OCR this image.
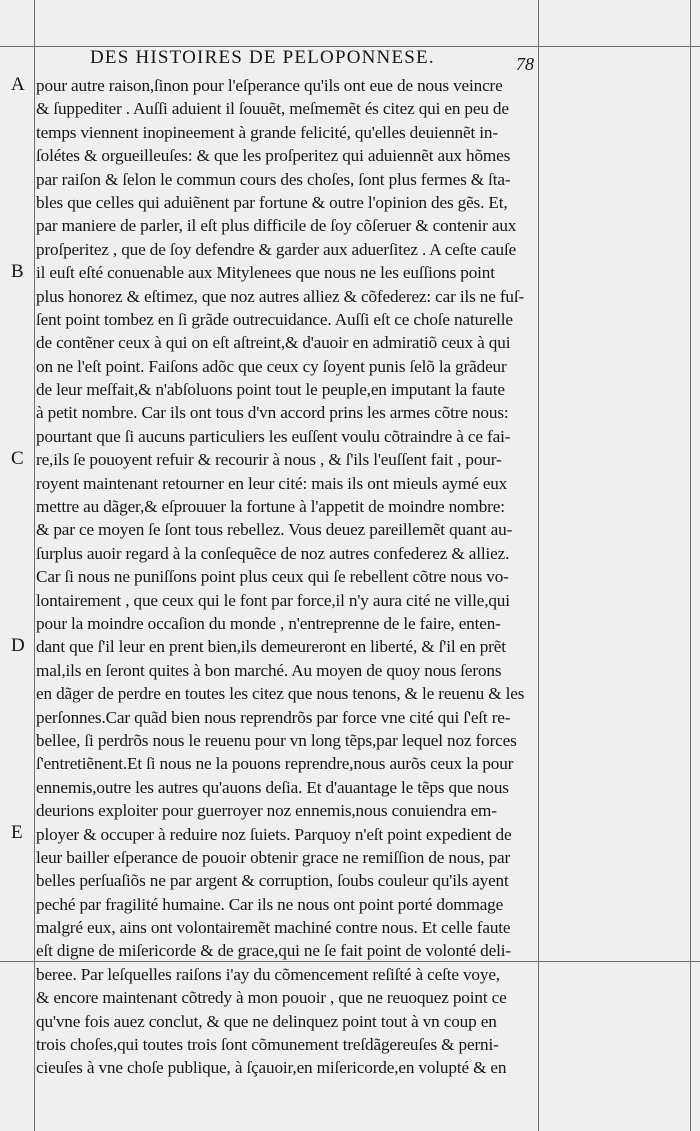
DES HISTOIRES DE PELOPONNESE.	78
A
B
C
D
E
pour autre raison,ſinon pour l'eſperance qu'ils ont eue de nous veincre
& ſuppediter . Auſſi aduient il ſouuẽt, meſmemẽt és citez qui en peu de
temps viennent inopineement à grande felicité, qu'elles deuiennẽt in-
ſolétes & orgueilleuſes: & que les proſperitez qui aduiennẽt aux hõmes
par raiſon & ſelon le commun cours des choſes, ſont plus fermes & ſta-
bles que celles qui aduiẽnent par fortune & outre l'opinion des gẽs. Et,
par maniere de parler, il eſt plus difficile de ſoy cõſeruer & contenir aux
proſperitez , que de ſoy defendre & garder aux aduerſitez . A ceſte cauſe
il euſt eſté conuenable aux Mitylenees que nous ne les euſſions point
plus honorez & eſtimez, que noz autres alliez & cõfederez: car ils ne fuſ-
ſent point tombez en ſi grãde outrecuidance. Auſſi eſt ce choſe naturelle
de contẽner ceux à qui on eſt aſtreint,& d'auoir en admiratiõ ceux à qui
on ne l'eſt point. Faiſons adõc que ceux cy ſoyent punis ſelõ la grãdeur
de leur meſfait,& n'abſoluons point tout le peuple,en imputant la faute
à petit nombre. Car ils ont tous d'vn accord prins les armes cõtre nous:
pourtant que ſi aucuns particuliers les euſſent voulu cõtraindre à ce fai-
re,ils ſe pouoyent refuir & recourir à nous , & ſ'ils l'euſſent fait , pour-
royent maintenant retourner en leur cité: mais ils ont mieuls aymé eux
mettre au dãger,& eſprouuer la fortune à l'appetit de moindre nombre:
& par ce moyen ſe ſont tous rebellez. Vous deuez pareillemẽt quant au-
ſurplus auoir regard à la conſequẽce de noz autres confederez & alliez.
Car ſi nous ne puniſſons point plus ceux qui ſe rebellent cõtre nous vo-
lontairement , que ceux qui le font par force,il n'y aura cité ne ville,qui
pour la moindre occaſion du monde , n'entreprenne de le faire, enten-
dant que ſ'il leur en prent bien,ils demeureront en liberté, & ſ'il en prẽt
mal,ils en ſeront quites à bon marché. Au moyen de quoy nous ſerons
en dãger de perdre en toutes les citez que nous tenons, & le reuenu & les
perſonnes.Car quãd bien nous reprendrõs par force vne cité qui ſ'eſt re-
bellee, ſi perdrõs nous le reuenu pour vn long tẽps,par lequel noz forces
ſ'entretiẽnent.Et ſi nous ne la pouons reprendre,nous aurõs ceux la pour
ennemis,outre les autres qu'auons deſia. Et d'auantage le tẽps que nous
deurions exploiter pour guerroyer noz ennemis,nous conuiendra em-
ployer & occuper à reduire noz ſuiets. Parquoy n'eſt point expedient de
leur bailler eſperance de pouoir obtenir grace ne remiſſion de nous, par
belles perſuaſiõs ne par argent & corruption, ſoubs couleur qu'ils ayent
peché par fragilité humaine. Car ils ne nous ont point porté dommage
malgré eux, ains ont volontairemẽt machiné contre nous. Et celle faute
eſt digne de miſericorde & de grace,qui ne ſe fait point de volonté deli-
beree. Par leſquelles raiſons i'ay du cõmencement reſiſté à ceſte voye,
& encore maintenant cõtredy à mon pouoir , que ne reuoquez point ce
qu'vne fois auez conclut, & que ne delinquez point tout à vn coup en
trois choſes,qui toutes trois ſont cõmunement treſdãgereuſes & perni-
cieuſes à vne choſe publique, à ſçauoir,en miſericorde,en volupté & en
